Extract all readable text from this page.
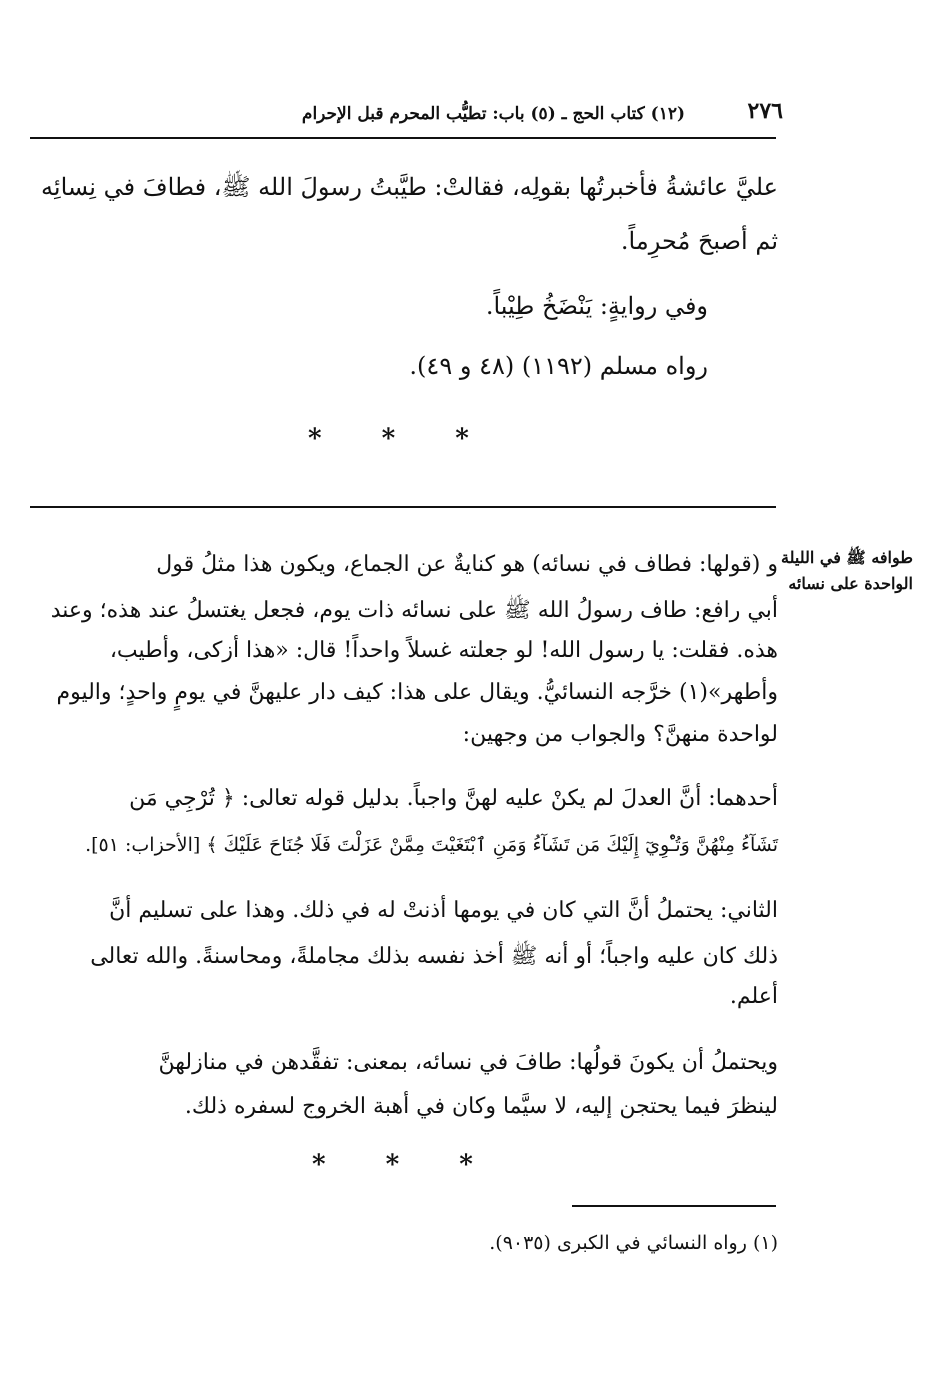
٢٧٦
(١٢) كتاب الحج ـ (٥) باب: تطيُّب المحرم قبل الإحرام
عليَّ عائشةُ فأخبرتُها بقولِه، فقالتْ: طيَّبتُ رسولَ الله ﷺ، فطافَ في نِسائِه
ثم أصبحَ مُحرِماً.
وفي روايةٍ: يَنْضَخُ طِيْباً.
رواه مسلم (١١٩٢) (٤٨ و ٤٩).
* * *
طوافه ﷺ في الليلة الواحدة على نسائه
و (قولها: فطاف في نسائه) هو كنايةٌ عن الجماع، ويكون هذا مثلُ قول
أبي رافع: طاف رسولُ الله ﷺ على نسائه ذات يوم، فجعل يغتسلُ عند هذه؛ وعند
هذه. فقلت: يا رسول الله! لو جعلته غسلاً واحداً! قال: «هذا أزكى، وأطيب،
وأطهر»(١) خرَّجه النسائيُّ. ويقال على هذا: كيف دار عليهنَّ في يومٍ واحدٍ؛ واليوم
لواحدة منهنَّ؟ والجواب من وجهين:
أحدهما: أنَّ العدلَ لم يكنْ عليه لهنَّ واجباً. بدليل قوله تعالى: ﴿ تُرْجِي مَن
تَشَآءُ مِنْهُنَّ وَتُـْٔوِيٓ إِلَيْكَ مَن تَشَآءُ وَمَنِ ٱبْتَغَيْتَ مِمَّنْ عَزَلْتَ فَلَا جُنَاحَ عَلَيْكَ ﴾ [الأحزاب: ٥١].
الثاني: يحتملُ أنَّ التي كان في يومها أذنتْ له في ذلك. وهذا على تسليم أنَّ
ذلك كان عليه واجباً؛ أو أنه ﷺ أخذ نفسه بذلك مجاملةً، ومحاسنةً. والله تعالى
أعلم.
ويحتملُ أن يكونَ قولُها: طافَ في نسائه، بمعنى: تفقَّدهن في منازلهنَّ
لينظرَ فيما يحتجن إليه، لا سيَّما وكان في أهبة الخروج لسفره ذلك.
* * *
(١) رواه النسائي في الكبرى (٩٠٣٥).
